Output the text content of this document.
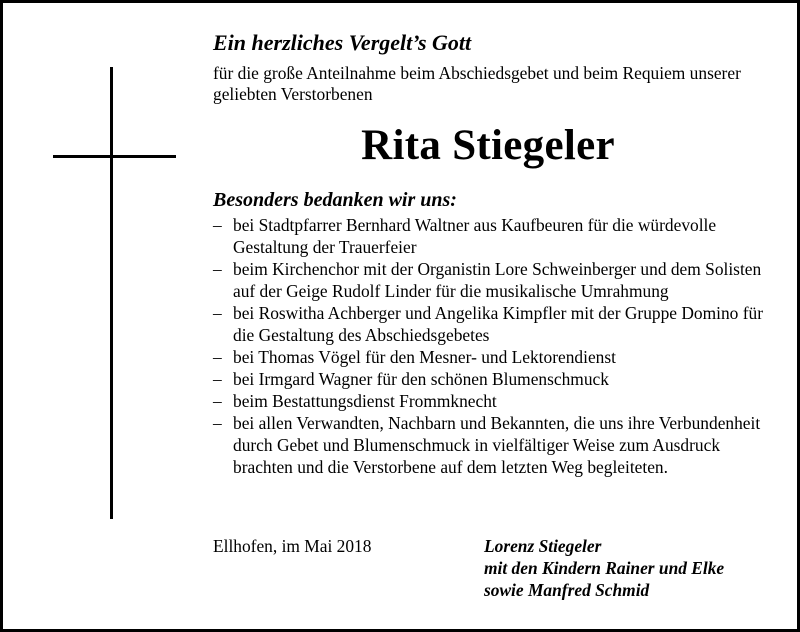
Ein herzliches Vergelt’s Gott
für die große Anteilnahme beim Abschiedsgebet und beim Requiem unserer geliebten Verstorbenen
Rita Stiegeler
Besonders bedanken wir uns:
– bei Stadtpfarrer Bernhard Waltner aus Kaufbeuren für die würdevolle Gestaltung der Trauerfeier
– beim Kirchenchor mit der Organistin Lore Schweinberger und dem Solisten auf der Geige Rudolf Linder für die musikalische Umrahmung
– bei Roswitha Achberger und Angelika Kimpfler mit der Gruppe Domino für die Gestaltung des Abschiedsgebetes
– bei Thomas Vögel für den Mesner- und Lektorendienst
– bei Irmgard Wagner für den schönen Blumenschmuck
– beim Bestattungsdienst Frommknecht
– bei allen Verwandten, Nachbarn und Bekannten, die uns ihre Verbundenheit durch Gebet und Blumenschmuck in vielfältiger Weise zum Ausdruck brachten und die Verstorbene auf dem letzten Weg begleiteten.
Ellhofen, im Mai 2018	Lorenz Stiegeler
mit den Kindern Rainer und Elke
sowie Manfred Schmid
